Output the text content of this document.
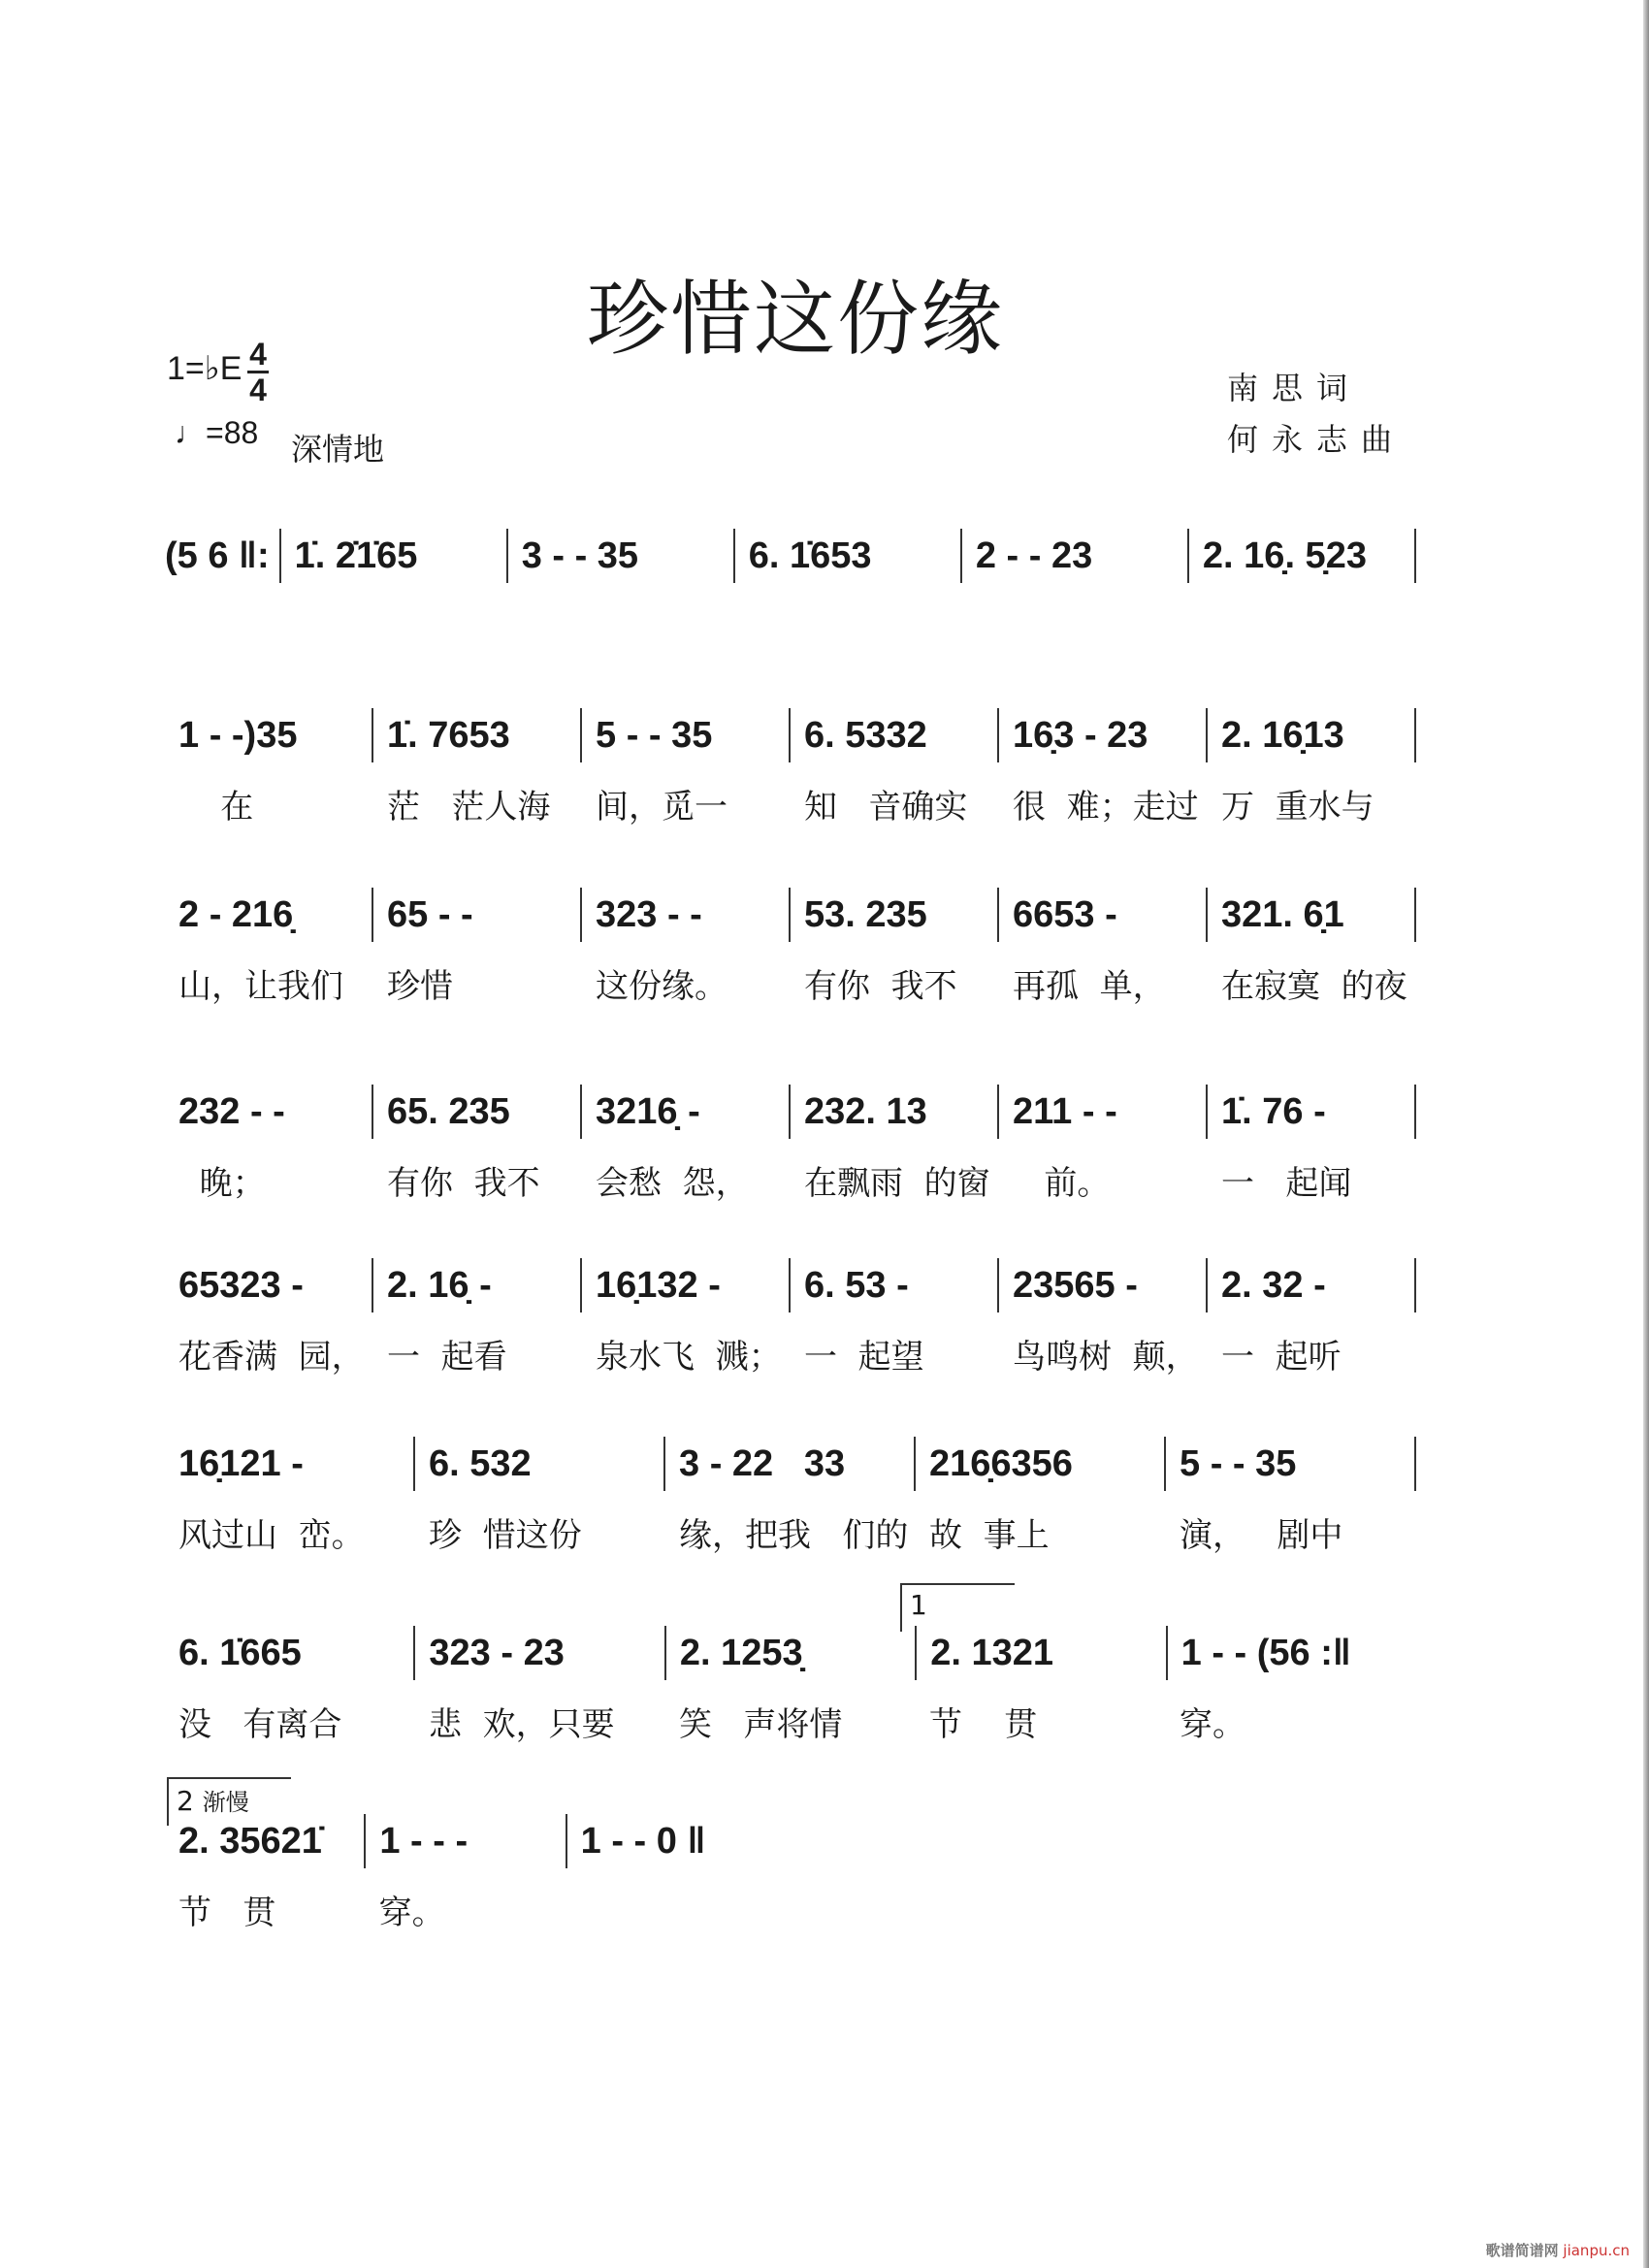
珍惜这份缘
1=♭E 4
4
♩=88 深情地
南思词
何永志曲
(5 6 ‖: 1̇. 2̇1̇65	3 - - 35	6. 1̇653	2 - - 23	2. 16̣. 5̣23
1 - -)35	1̇. 7653	5 - - 35	6. 5332	16̣3 - 23	2. 16̣13
在	茫   茫人海	间，觅一	知   音确实	很  难；走过 万  重水与
2 - 216̣	65 - -	323 - -	53. 235	6653 -	321. 6̣1
山，让我们	珍惜	这份缘。	有你  我不	再孤  单，	在寂寞  的夜
232 - -	65. 235	3216̣ -	232. 13	211 - -	1̇. 76 -
晚；	有你  我不	会愁  怨，	在飘雨  的窗 前。	一   起闻
65323 -	2. 16̣ -	16̣132 -	6. 53 -	23565 -	2. 32 -
花香满  园， 一  起看	泉水飞  溅； 一  起望	鸟鸣树  颠， 一  起听
16̣121 -	6. 532	3 - 22   33	216̣6356	5 - - 35
风过山  峦。	珍  惜这份	缘，把我   们的 故  事上	演，   剧中
6. 1̇665	323 - 23	2. 1253̣	2. 1321	1 - - (56 :‖
没   有离合	悲  欢，只要	笑   声将情	节    贯	穿。
2. 35621̇	1 - - -	1 - - 0 ‖
节   贯	穿。
1
2 渐慢
歌谱简谱网 jianpu.cn
